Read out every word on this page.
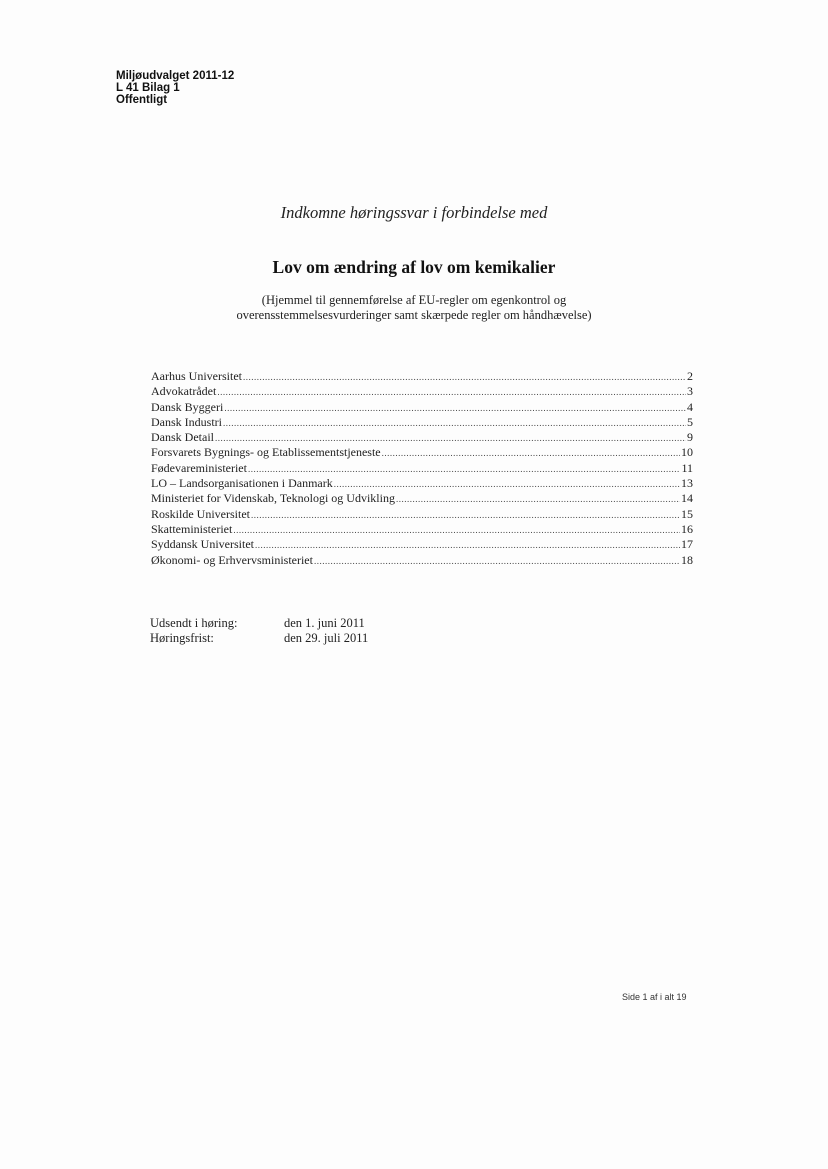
Miljøudvalget 2011-12
L 41 Bilag 1
Offentligt
Indkomne høringssvar i forbindelse med
Lov om ændring af lov om kemikalier
(Hjemmel til gennemførelse af EU-regler om egenkontrol og
overensstemmelsesvurderinger samt skærpede regler om håndhævelse)
Aarhus Universitet .....	2
Advokatrådet .....	3
Dansk Byggeri .....	4
Dansk Industri .....	5
Dansk Detail .....	9
Forsvarets Bygnings- og Etablissementstjeneste .....	10
Fødevareministeriet .....	11
LO – Landsorganisationen i Danmark .....	13
Ministeriet for Videnskab, Teknologi og Udvikling .....	14
Roskilde Universitet .....	15
Skatteministeriet .....	16
Syddansk Universitet .....	17
Økonomi- og Erhvervsministeriet .....	18
Udsendt i høring:	den 1. juni 2011
Høringsfrist:	den 29. juli 2011
Side 1 af i alt 19
